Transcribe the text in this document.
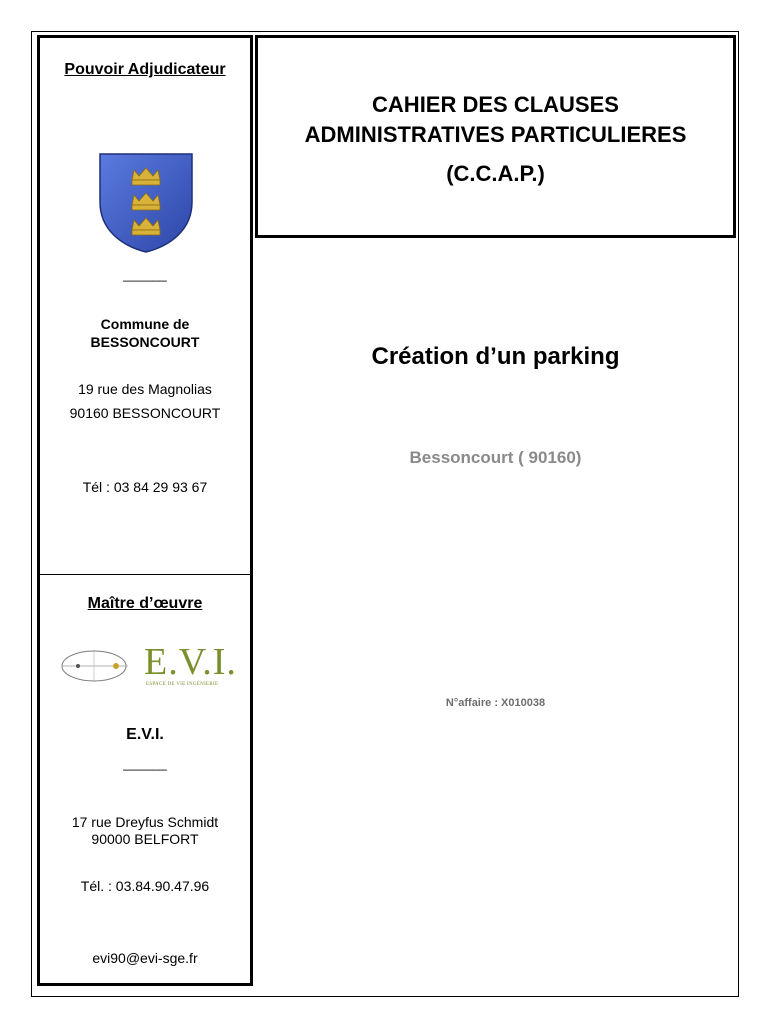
Pouvoir Adjudicateur
______
Commune de
BESSONCOURT
19 rue des Magnolias
90160 BESSONCOURT
Tél : 03 84 29 93 67
Maître d’œuvre
E.V.I.
ESPACE DE VIE INGÉNIERIE
E.V.I.
______
17 rue Dreyfus Schmidt
90000 BELFORT
Tél. : 03.84.90.47.96
evi90@evi-sge.fr
CAHIER DES CLAUSES
ADMINISTRATIVES PARTICULIERES
(C.C.A.P.)
Création d’un parking
Bessoncourt ( 90160)
N°affaire : X010038
